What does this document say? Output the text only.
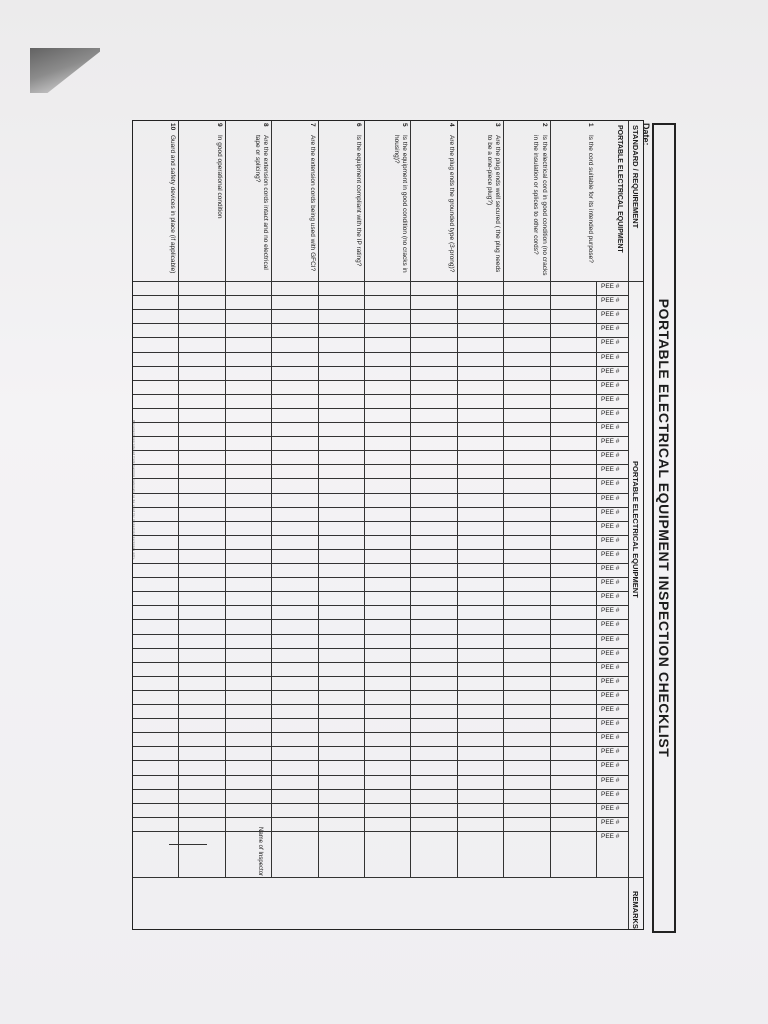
PORTABLE ELECTRICAL EQUIPMENT INSPECTION CHECKLIST
Date:
STANDARD / REQUIREMENT
PORTABLE ELECTRICAL EQUIPMENT
REMARKS
PORTABLE ELECTRICAL EQUIPMENT
Name of Inspector
PEE #
PEE #
PEE #
PEE #
PEE #
PEE #
PEE #
PEE #
PEE #
PEE #
PEE #
PEE #
PEE #
PEE #
PEE #
PEE #
PEE #
PEE #
PEE #
PEE #
PEE #
PEE #
PEE #
PEE #
PEE #
PEE #
PEE #
PEE #
PEE #
PEE #
PEE #
PEE #
PEE #
PEE #
PEE #
PEE #
PEE #
PEE #
PEE #
PEE #
1
Is the cord suitable for its intended purpose?
2
Is the electrical cord in good condition (no cracks in the insulation or splices to other cords?
3
Are the plug ends well secured ( the plug needs to be a one-piece plug?)
4
Are the plug ends the grounded type (3-prong)?
5
Is the equipment in good condition (no cracks in housing)?
6
Is the equipment compliant with the IP rating?
7
Are the extension cords being used with GFCI?
8
Are the extension cords intact and no electrical tape or splicing?
9
In good operational condition
10
Guard and safety devices in place (if applicable)
Document reproduced from training materials; to be used for inspection purposes only.
